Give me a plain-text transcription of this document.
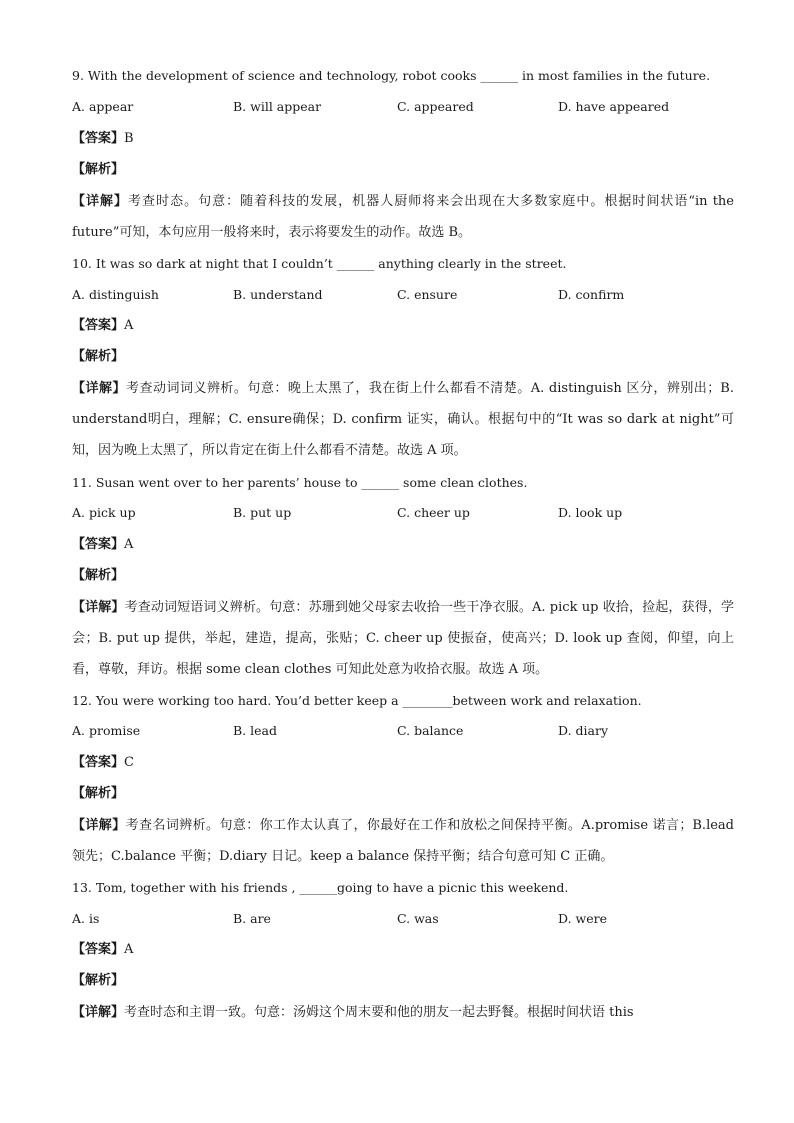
9. With the development of science and technology, robot cooks ______ in most families in the future.
A. appear	B. will appear	C. appeared	D. have appeared
【答案】B
【解析】
【详解】考查时态。句意：随着科技的发展，机器人厨师将来会出现在大多数家庭中。根据时间状语“in the future”可知，本句应用一般将来时，表示将要发生的动作。故选 B。
10. It was so dark at night that I couldn’t ______ anything clearly in the street.
A. distinguish	B. understand	C. ensure	D. confirm
【答案】A
【解析】
【详解】考查动词词义辨析。句意：晚上太黑了，我在街上什么都看不清楚。A. distinguish 区分，辨别出；B. understand明白，理解；C. ensure确保；D. confirm 证实，确认。根据句中的“It was so dark at night”可知，因为晚上太黑了，所以肯定在街上什么都看不清楚。故选 A 项。
11. Susan went over to her parents’ house to ______ some clean clothes.
A. pick up	B. put up	C. cheer up	D. look up
【答案】A
【解析】
【详解】考查动词短语词义辨析。句意：苏珊到她父母家去收拾一些干净衣服。A. pick up 收拾，捡起，获得，学会；B. put up 提供，举起，建造，提高，张贴；C. cheer up 使振奋，使高兴；D. look up 查阅，仰望，向上看，尊敬，拜访。根据 some clean clothes 可知此处意为收拾衣服。故选 A 项。
12. You were working too hard. You’d better keep a ________between work and relaxation.
A. promise	B. lead	C. balance	D. diary
【答案】C
【解析】
【详解】考查名词辨析。句意：你工作太认真了，你最好在工作和放松之间保持平衡。A.promise 诺言；B.lead 领先；C.balance 平衡；D.diary 日记。keep a balance 保持平衡；结合句意可知 C 正确。
13. Tom, together with his friends , ______going to have a picnic this weekend.
A. is	B. are	C. was	D. were
【答案】A
【解析】
【详解】考查时态和主谓一致。句意：汤姆这个周末要和他的朋友一起去野餐。根据时间状语 this
